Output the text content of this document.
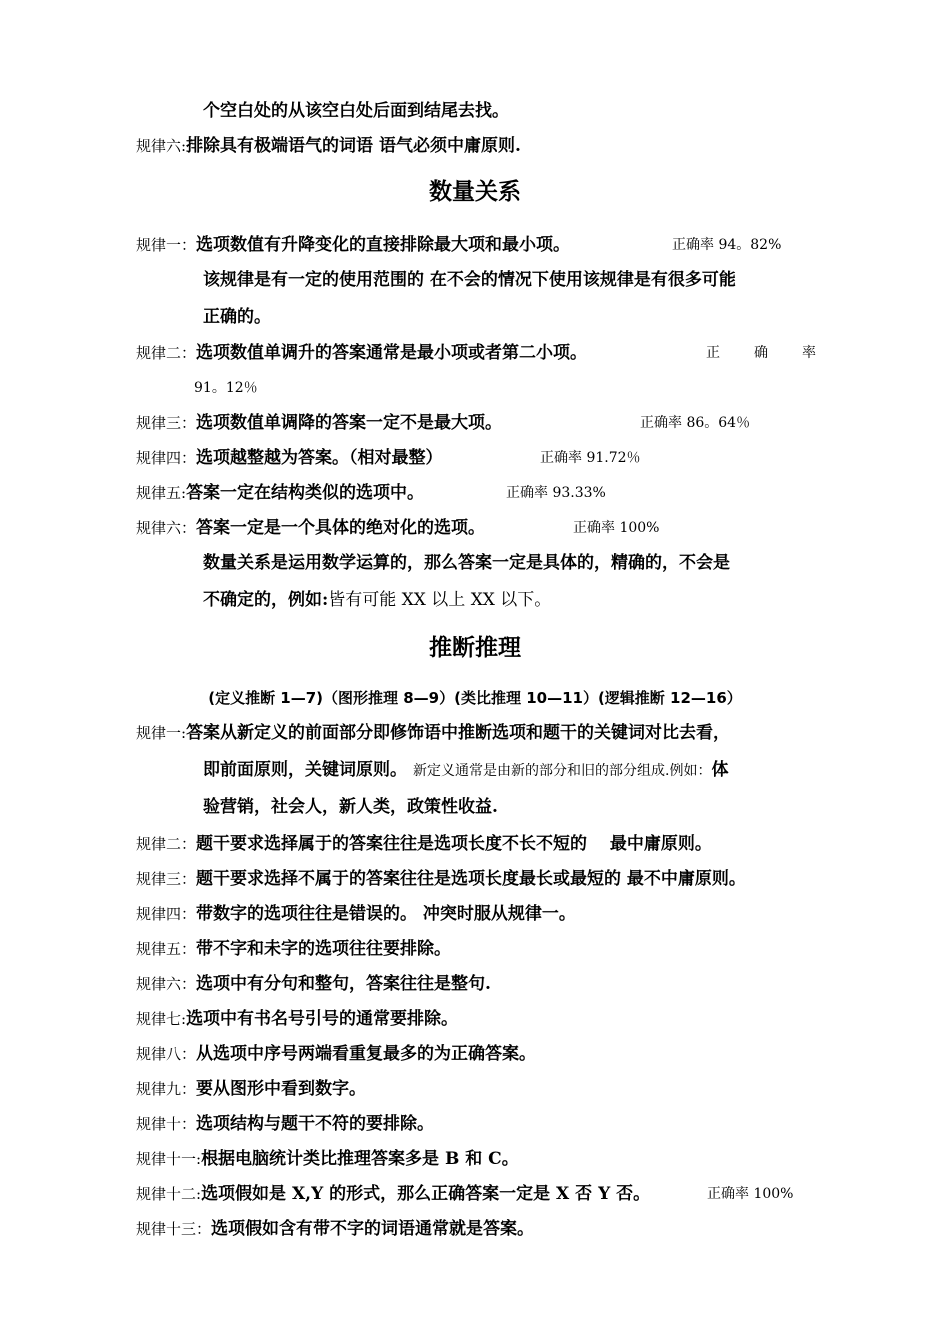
个空白处的从该空白处后面到结尾去找。
规律六:排除具有极端语气的词语 语气必须中庸原则.
数量关系
规律一：选项数值有升降变化的直接排除最大项和最小项。	正确率 94。82%
该规律是有一定的使用范围的 在不会的情况下使用该规律是有很多可能
正确的。
规律二：选项数值单调升的答案通常是最小项或者第二小项。	正 确 率
91。12％
规律三：选项数值单调降的答案一定不是最大项。	正确率 86。64％
规律四：选项越整越为答案。（相对最整）	正确率 91.72％
规律五:答案一定在结构类似的选项中。	正确率 93.33%
规律六：答案一定是一个具体的绝对化的选项。	正确率 100%
数量关系是运用数学运算的，那么答案一定是具体的，精确的，不会是
不确定的，例如:皆有可能 XX 以上 XX 以下。
推断推理
(定义推断 1—7)（图形推理 8—9）(类比推理 10—11）(逻辑推断 12—16）
规律一:答案从新定义的前面部分即修饰语中推断选项和题干的关键词对比去看，
即前面原则，关键词原则。 新定义通常是由新的部分和旧的部分组成.例如：体
验营销，社会人，新人类，政策性收益.
规律二：题干要求选择属于的答案往往是选项长度不长不短的　 最中庸原则。
规律三：题干要求选择不属于的答案往往是选项长度最长或最短的 最不中庸原则。
规律四：带数字的选项往往是错误的。 冲突时服从规律一。
规律五：带不字和未字的选项往往要排除。
规律六：选项中有分句和整句，答案往往是整句.
规律七:选项中有书名号引号的通常要排除。
规律八：从选项中序号两端看重复最多的为正确答案。
规律九：要从图形中看到数字。
规律十：选项结构与题干不符的要排除。
规律十一:根据电脑统计类比推理答案多是 B 和 C。
规律十二:选项假如是 X,Y 的形式，那么正确答案一定是 X 否 Y 否。	正确率 100%
规律十三：选项假如含有带不字的词语通常就是答案。
